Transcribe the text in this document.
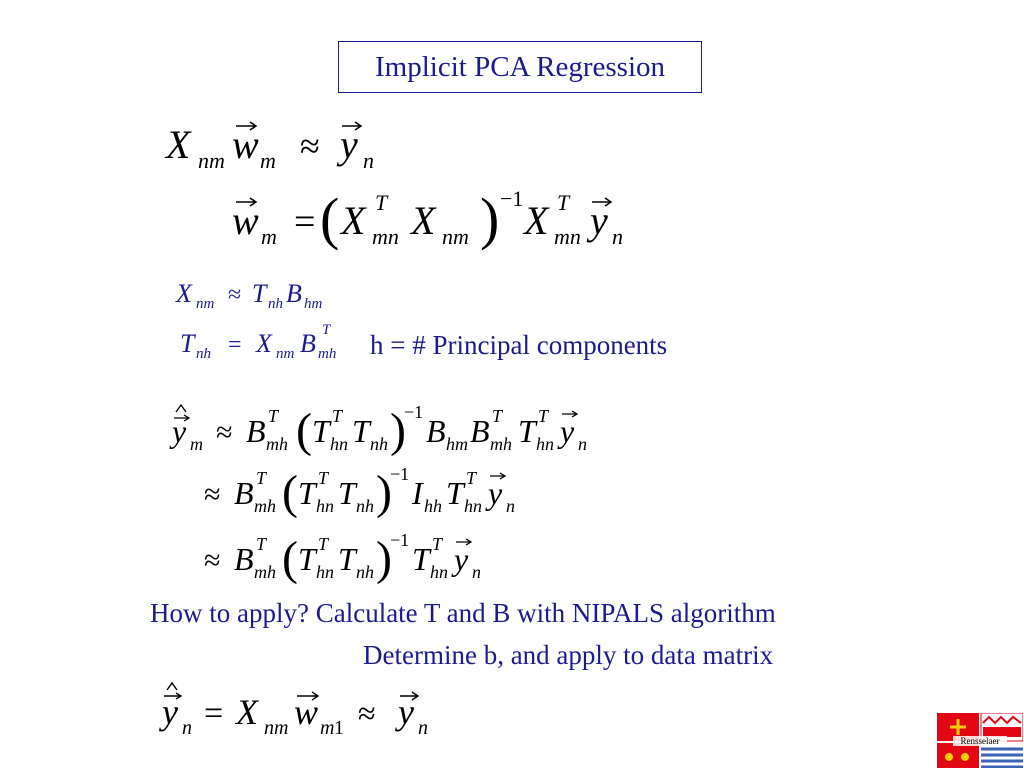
Implicit PCA Regression
X nm w m ≈ y n
w m = ( X T
mn X nm ) −1 X T
mn y n
X nm ≈ T nh B hm
T nh = X nm B T
mh h = # Principal components
y m ≈ B T
mh ( T T
hn T nh )
−1
B hm B T
mh T T
hn y n
≈ B T
mh ( T T
hn T nh )
−1
I hh T T
hn y n
≈ B T
mh ( T T
hn T nh )
−1
T T
hn y n
How to apply? Calculate T and B with NIPALS algorithm
Determine b, and apply to data matrix
y n = X nm w m 1 ≈ y n
Rensselaer
